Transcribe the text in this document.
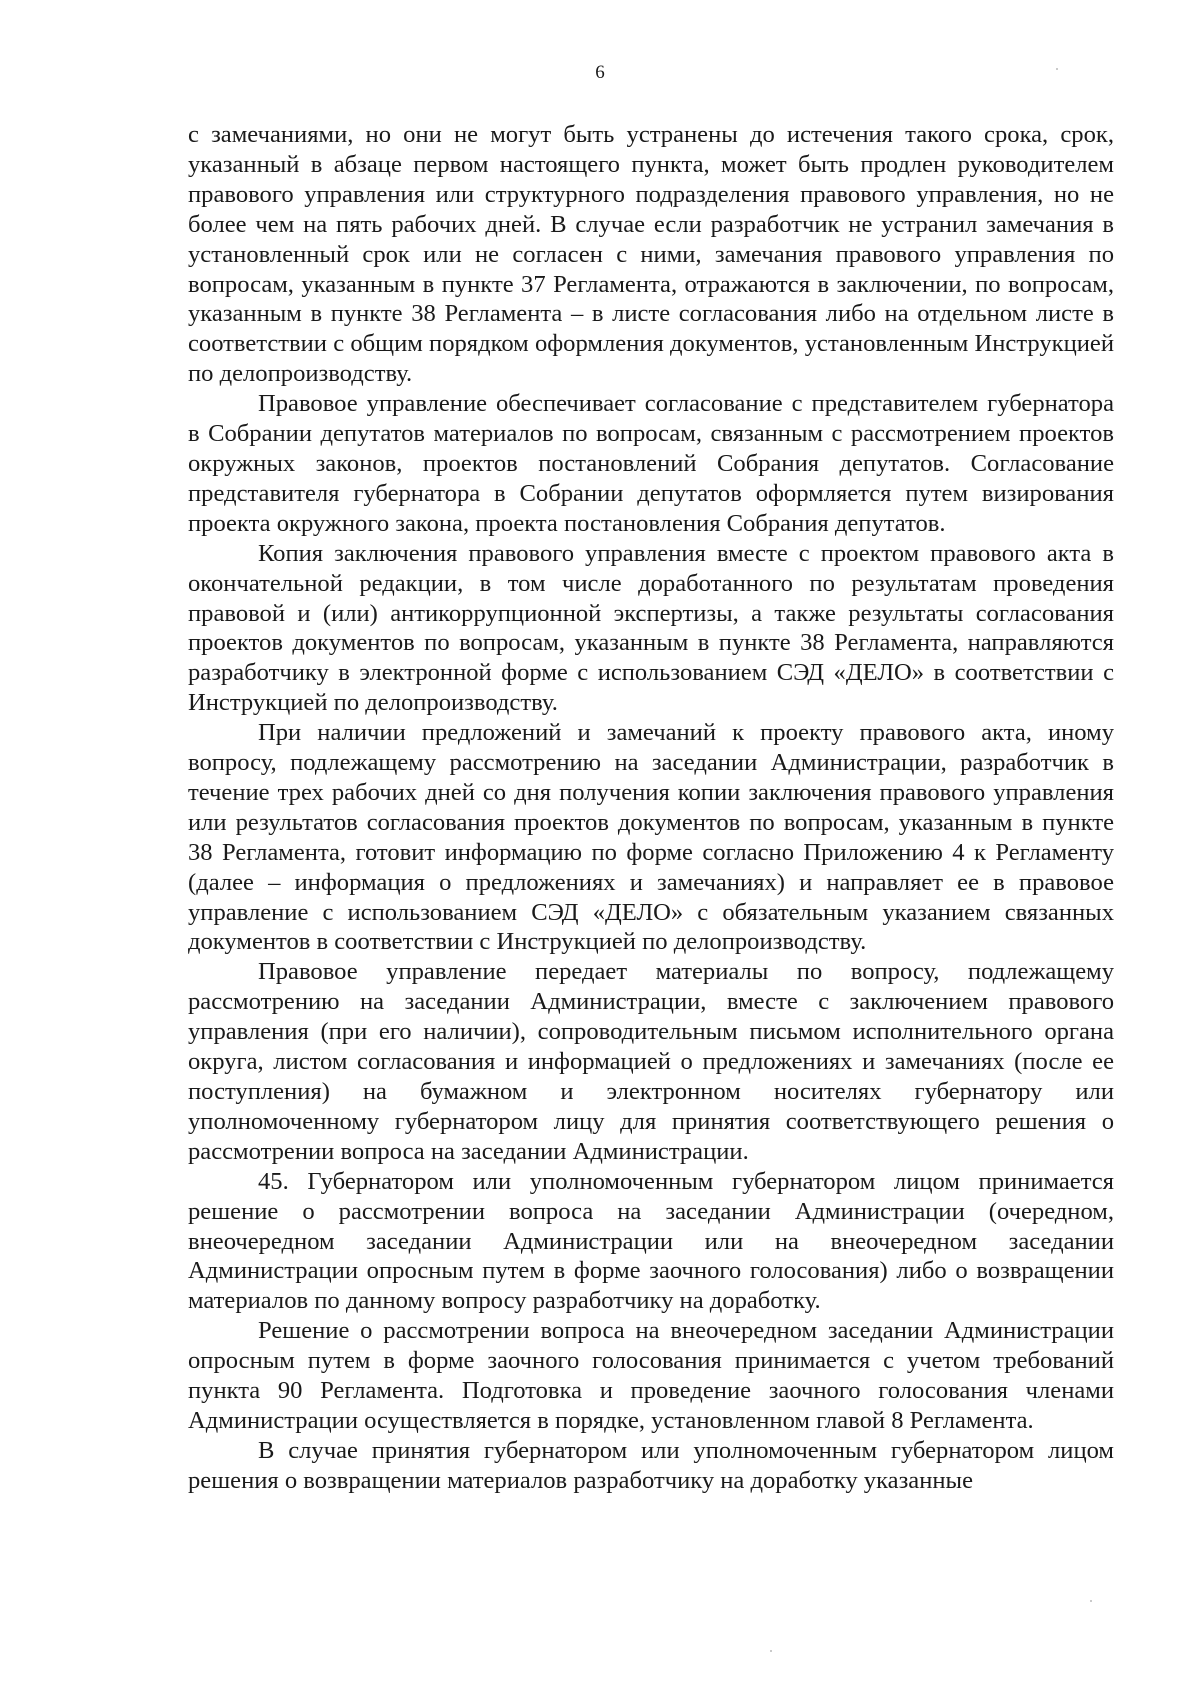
6

с замечаниями, но они не могут быть устранены до истечения такого срока, срок, указанный в абзаце первом настоящего пункта, может быть продлен руководителем правового управления или структурного подразделения правового управления, но не более чем на пять рабочих дней. В случае если разработчик не устранил замечания в установленный срок или не согласен с ними, замечания правового управления по вопросам, указанным в пункте 37 Регламента, отражаются в заключении, по вопросам, указанным в пункте 38 Регламента – в листе согласования либо на отдельном листе в соответствии с общим порядком оформления документов, установленным Инструкцией по делопроизводству.

Правовое управление обеспечивает согласование с представителем губернатора в Собрании депутатов материалов по вопросам, связанным с рассмотрением проектов окружных законов, проектов постановлений Собрания депутатов. Согласование представителя губернатора в Собрании депутатов оформляется путем визирования проекта окружного закона, проекта постановления Собрания депутатов.

Копия заключения правового управления вместе с проектом правового акта в окончательной редакции, в том числе доработанного по результатам проведения правовой и (или) антикоррупционной экспертизы, а также результаты согласования проектов документов по вопросам, указанным в пункте 38 Регламента, направляются разработчику в электронной форме с использованием СЭД «ДЕЛО» в соответствии с Инструкцией по делопроизводству.

При наличии предложений и замечаний к проекту правового акта, иному вопросу, подлежащему рассмотрению на заседании Администрации, разработчик в течение трех рабочих дней со дня получения копии заключения правового управления или результатов согласования проектов документов по вопросам, указанным в пункте 38 Регламента, готовит информацию по форме согласно Приложению 4 к Регламенту (далее – информация о предложениях и замечаниях) и направляет ее в правовое управление с использованием СЭД «ДЕЛО» с обязательным указанием связанных документов в соответствии с Инструкцией по делопроизводству.

Правовое управление передает материалы по вопросу, подлежащему рассмотрению на заседании Администрации, вместе с заключением правового управления (при его наличии), сопроводительным письмом исполнительного органа округа, листом согласования и информацией о предложениях и замечаниях (после ее поступления) на бумажном и электронном носителях губернатору или уполномоченному губернатором лицу для принятия соответствующего решения о рассмотрении вопроса на заседании Администрации.

45. Губернатором или уполномоченным губернатором лицом принимается решение о рассмотрении вопроса на заседании Администрации (очередном, внеочередном заседании Администрации или на внеочередном заседании Администрации опросным путем в форме заочного голосования) либо о возвращении материалов по данному вопросу разработчику на доработку.

Решение о рассмотрении вопроса на внеочередном заседании Администрации опросным путем в форме заочного голосования принимается с учетом требований пункта 90 Регламента. Подготовка и проведение заочного голосования членами Администрации осуществляется в порядке, установленном главой 8 Регламента.

В случае принятия губернатором или уполномоченным губернатором лицом решения о возвращении материалов разработчику на доработку указанные
